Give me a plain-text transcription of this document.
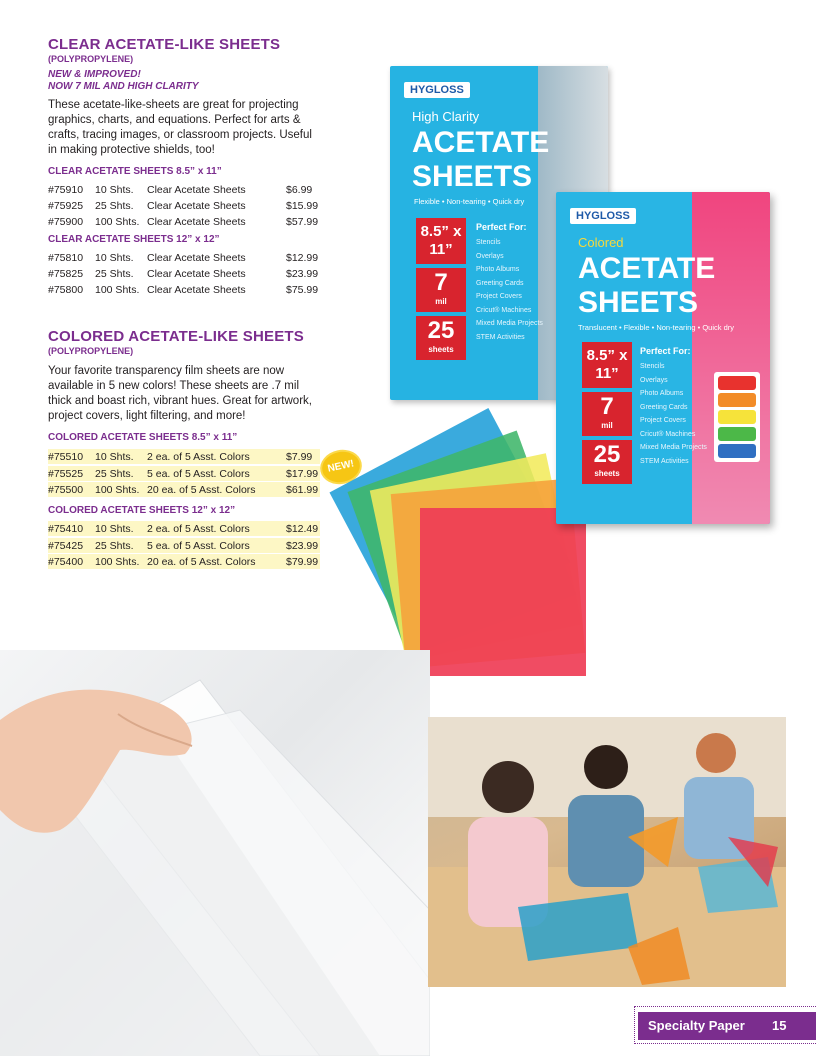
CLEAR ACETATE-LIKE SHEETS
(POLYPROPYLENE)
NEW & IMPROVED!
NOW 7 MIL AND HIGH CLARITY
These acetate-like-sheets are great for projecting graphics, charts, and equations. Perfect for arts & crafts, tracing images, or classroom projects. Useful in making protective shields, too!
CLEAR ACETATE SHEETS 8.5” x 11”
#75910 10 Shts. Clear Acetate Sheets	$6.99
#75925 25 Shts. Clear Acetate Sheets	$15.99
#75900 100 Shts. Clear Acetate Sheets	$57.99
CLEAR ACETATE SHEETS 12” x 12”
#75810 10 Shts. Clear Acetate Sheets	$12.99
#75825 25 Shts. Clear Acetate Sheets	$23.99
#75800 100 Shts. Clear Acetate Sheets	$75.99
COLORED ACETATE-LIKE SHEETS
(POLYPROPYLENE)
Your favorite transparency film sheets are now available in 5 new colors! These sheets are .7 mil thick and boast rich, vibrant hues. Great for artwork, project covers, light filtering, and more!
COLORED ACETATE SHEETS 8.5” x 11”
#75510 10 Shts. 2 ea. of 5 Asst. Colors	$7.99
#75525 25 Shts. 5 ea. of 5 Asst. Colors	$17.99
#75500 100 Shts. 20 ea. of 5 Asst. Colors	$61.99
NEW!
COLORED ACETATE SHEETS 12” x 12”
#75410 10 Shts. 2 ea. of 5 Asst. Colors	$12.49
#75425 25 Shts. 5 ea. of 5 Asst. Colors	$23.99
#75400 100 Shts. 20 ea. of 5 Asst. Colors	$79.99
HYGLOSS
High Clarity
ACETATE
SHEETS
Flexible • Non-tearing • Quick dry
8.5” x 11”
7
mil
25
sheets
Perfect For:
Stencils
Overlays
Photo Albums
Greeting Cards
Project Covers
Cricut® Machines
Mixed Media Projects
STEM Activities
HYGLOSS
Colored
ACETATE
SHEETS
Translucent • Flexible • Non-tearing • Quick dry
8.5” x 11”
7
mil
25
sheets
Perfect For:
Stencils
Overlays
Photo Albums
Greeting Cards
Project Covers
Cricut® Machines
Mixed Media Projects
STEM Activities
Specialty Paper 15
